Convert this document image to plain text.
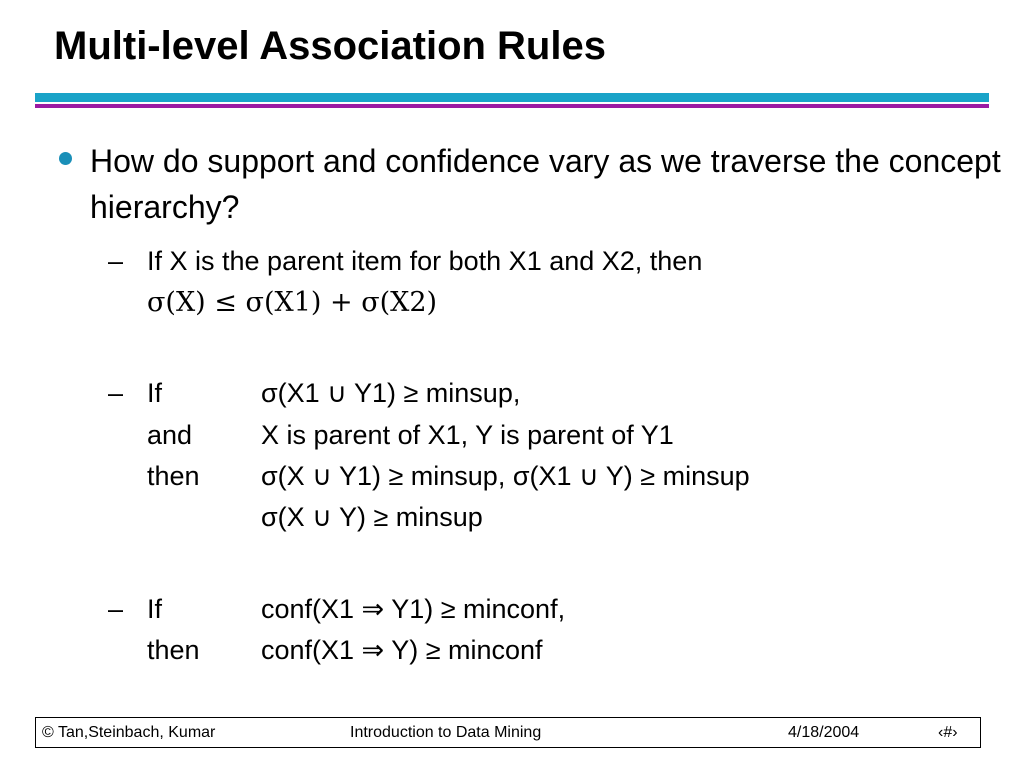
Multi-level Association Rules
How do support and confidence vary as we traverse the concept hierarchy?
– If X is the parent item for both X1 and X2, then
σ(X) ≤ σ(X1) + σ(X2)
– If	σ(X1 ∪ Y1) ≥ minsup,
and	X is parent of X1, Y is parent of Y1
then σ(X ∪ Y1) ≥ minsup, σ(X1 ∪ Y) ≥ minsup
σ(X ∪ Y) ≥ minsup
– If	conf(X1 ⇒ Y1) ≥ minconf,
then conf(X1 ⇒ Y) ≥ minconf
© Tan,Steinbach, Kumar	Introduction to Data Mining	4/18/2004	‹#›
